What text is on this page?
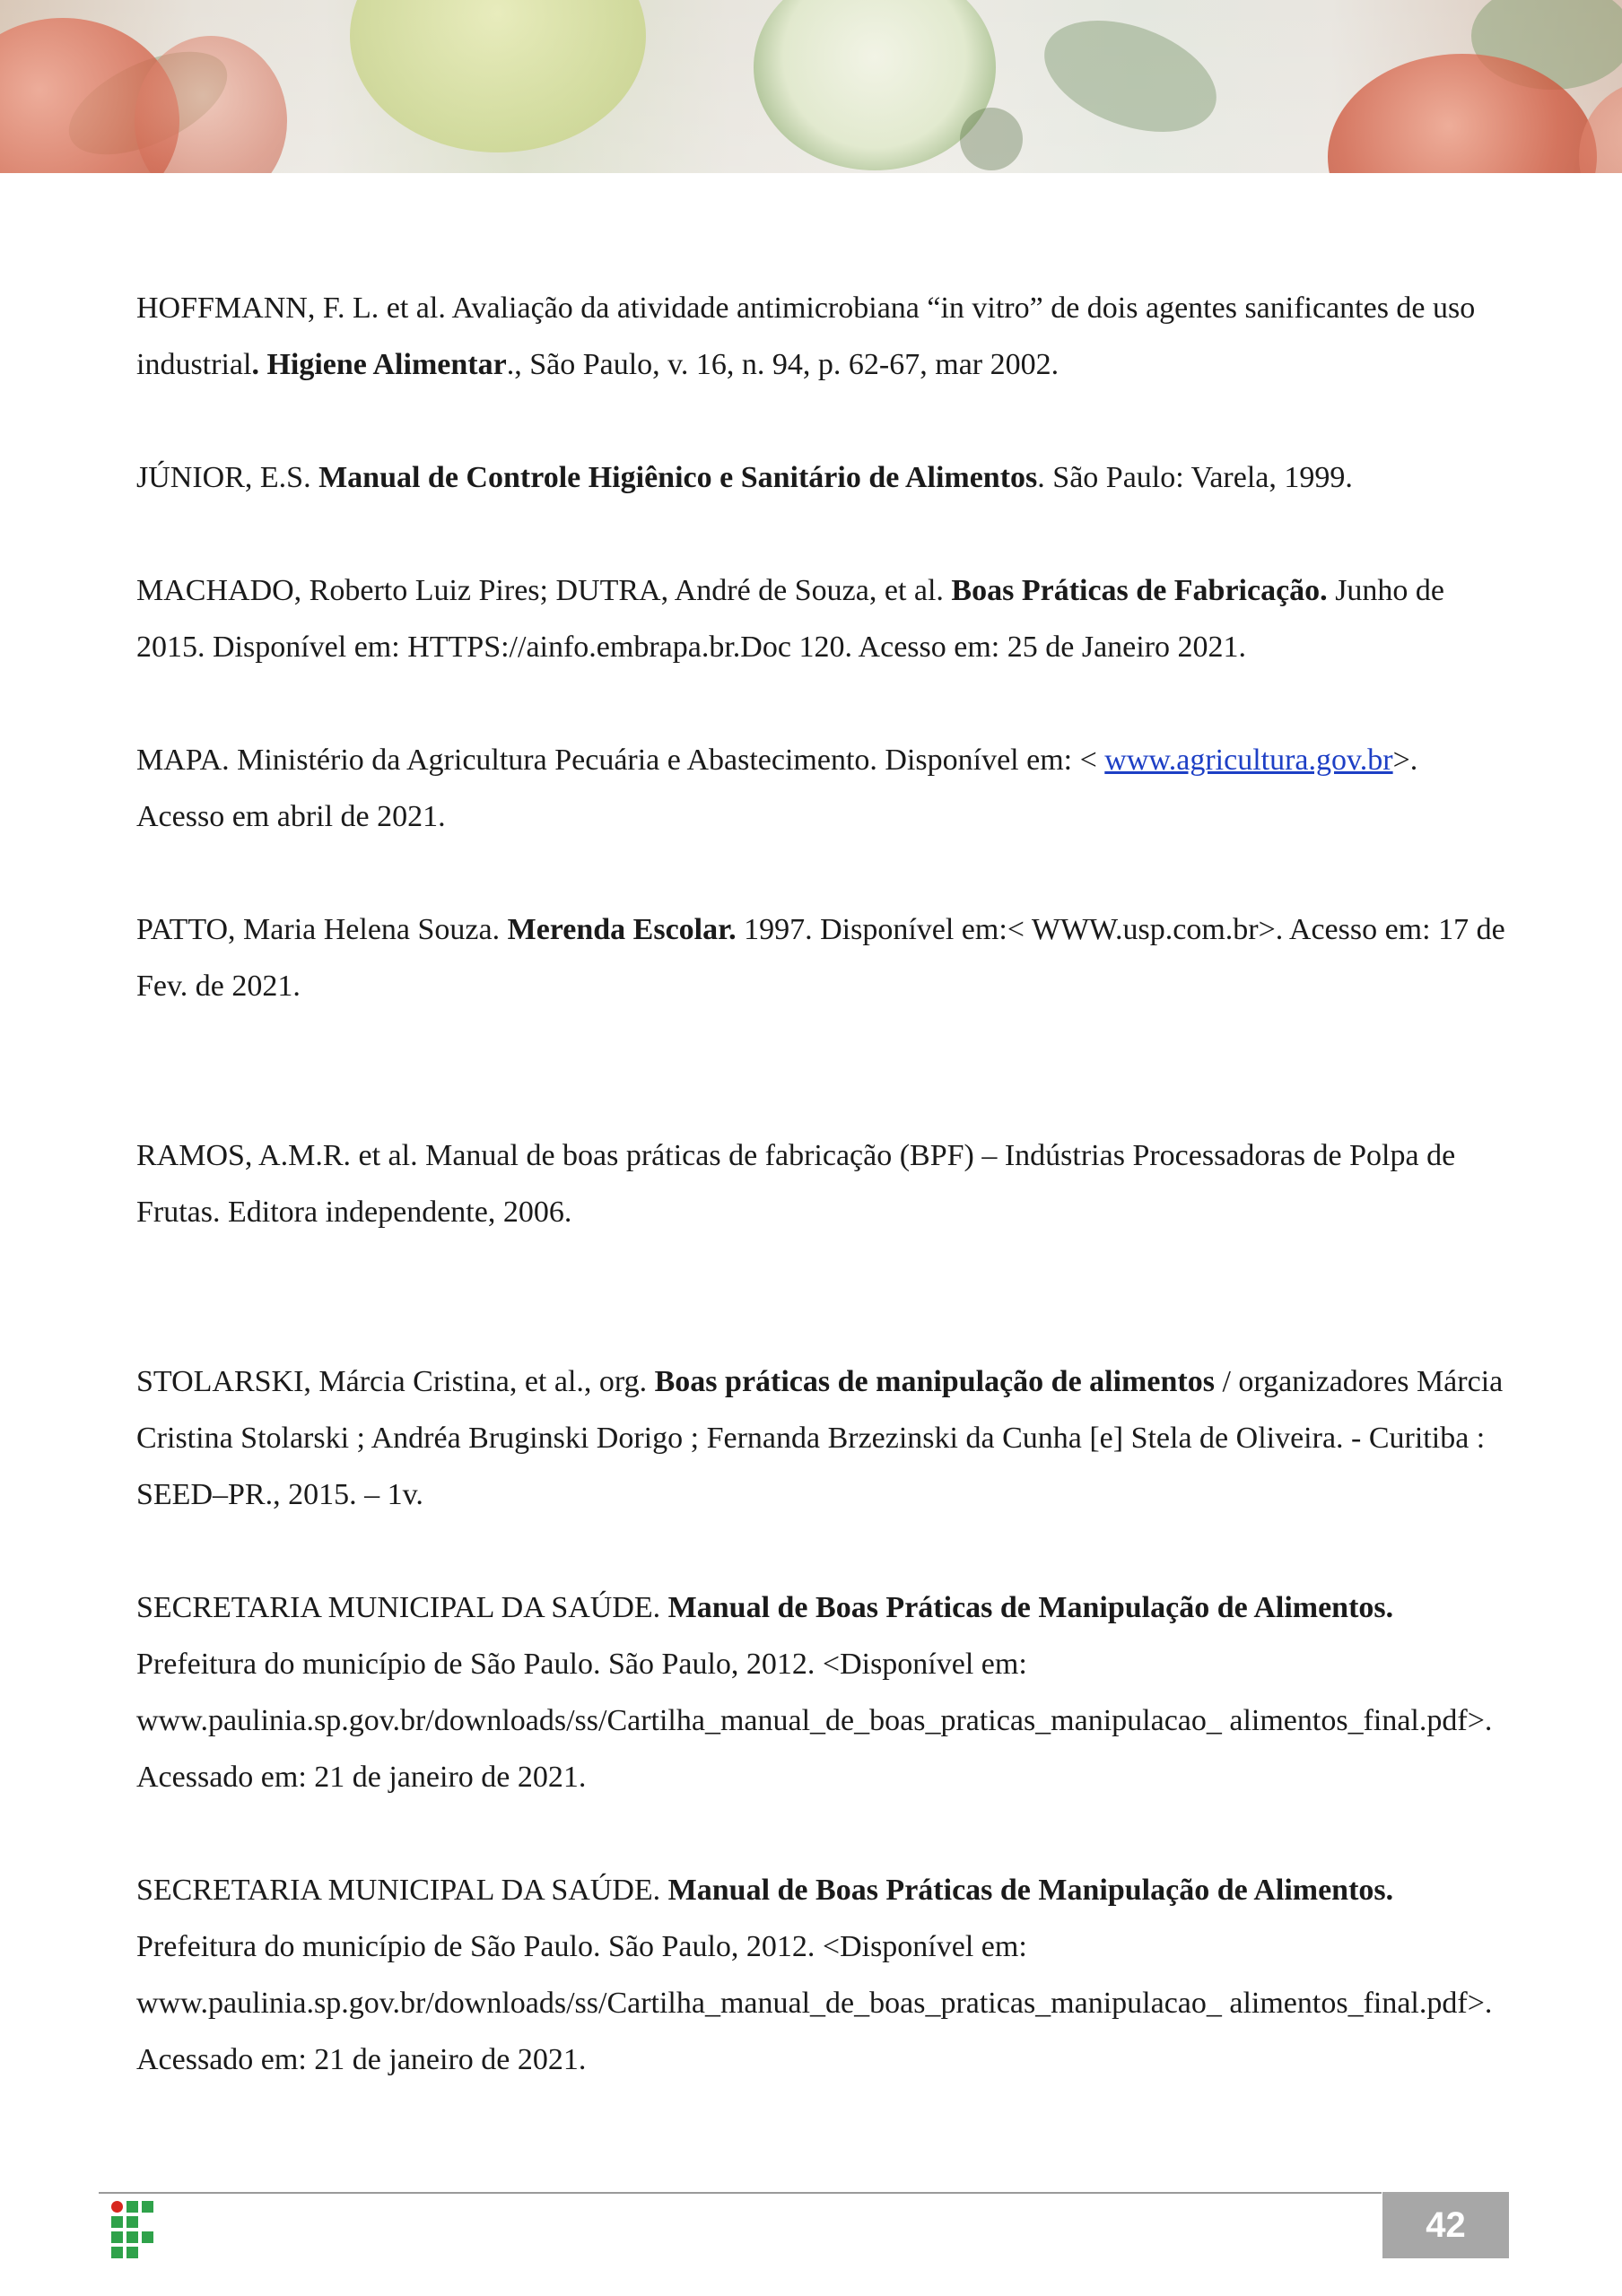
HOFFMANN, F. L. et al. Avaliação da atividade antimicrobiana “in vitro” de dois agentes sanificantes de uso industrial. Higiene Alimentar., São Paulo, v. 16, n. 94, p. 62-67, mar 2002.

JÚNIOR, E.S. Manual de Controle Higiênico e Sanitário de Alimentos. São Paulo: Varela, 1999.

MACHADO, Roberto Luiz Pires; DUTRA, André de Souza, et al. Boas Práticas de Fabricação. Junho de 2015. Disponível em: HTTPS://ainfo.embrapa.br.Doc 120. Acesso em: 25 de Janeiro 2021.

MAPA. Ministério da Agricultura Pecuária e Abastecimento. Disponível em: < www.agricultura.gov.br>. Acesso em abril de 2021.

PATTO, Maria Helena Souza. Merenda Escolar. 1997. Disponível em:< WWW.usp.com.br>. Acesso em: 17 de Fev. de 2021.

RAMOS, A.M.R. et al. Manual de boas práticas de fabricação (BPF) – Indústrias Processadoras de Polpa de Frutas. Editora independente, 2006.

STOLARSKI, Márcia Cristina, et al., org. Boas práticas de manipulação de alimentos / organizadores Márcia Cristina Stolarski ; Andréa Bruginski Dorigo ; Fernanda Brzezinski da Cunha [e] Stela de Oliveira. - Curitiba : SEED–PR., 2015. – 1v.

SECRETARIA MUNICIPAL DA SAÚDE. Manual de Boas Práticas de Manipulação de Alimentos. Prefeitura do município de São Paulo. São Paulo, 2012. <Disponível em: www.paulinia.sp.gov.br/downloads/ss/Cartilha_manual_de_boas_praticas_manipulacao_ alimentos_final.pdf>. Acessado em: 21 de janeiro de 2021.

SECRETARIA MUNICIPAL DA SAÚDE. Manual de Boas Práticas de Manipulação de Alimentos. Prefeitura do município de São Paulo. São Paulo, 2012. <Disponível em: www.paulinia.sp.gov.br/downloads/ss/Cartilha_manual_de_boas_praticas_manipulacao_ alimentos_final.pdf>. Acessado em: 21 de janeiro de 2021.

42
